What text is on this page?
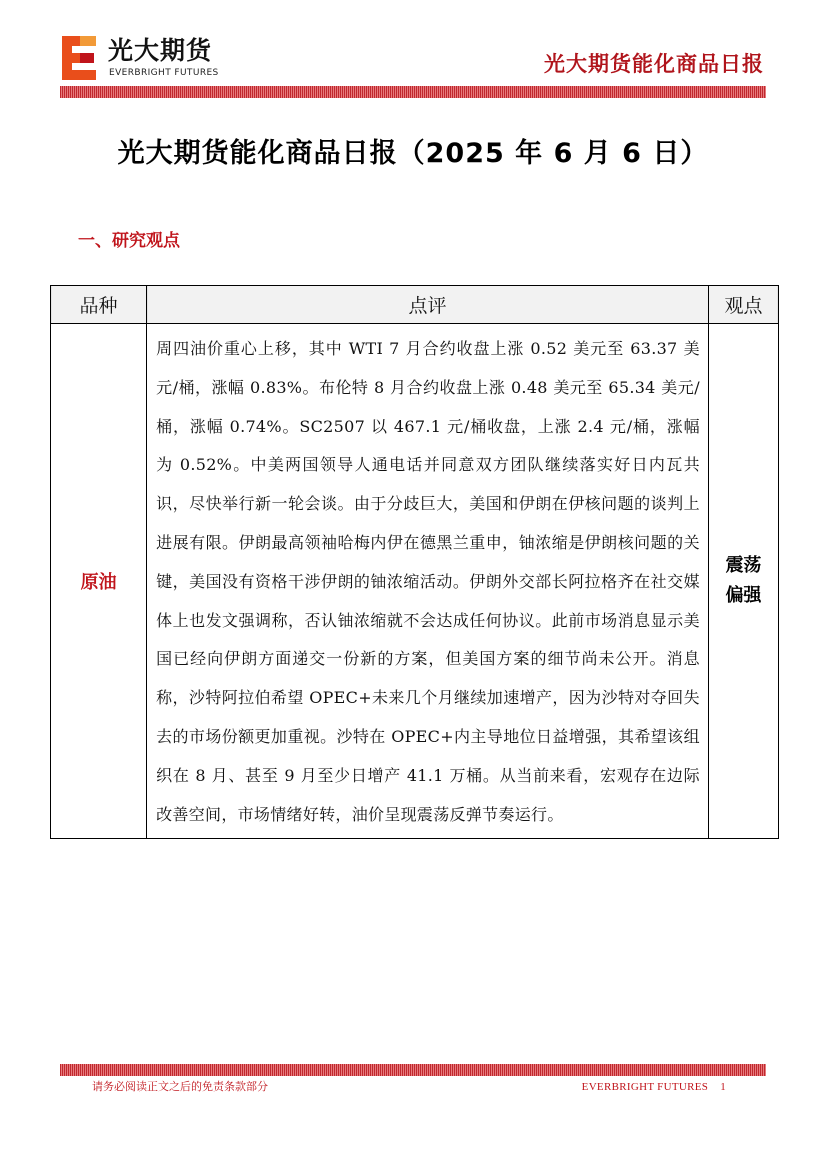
光大期货
EVERBRIGHT FUTURES	光大期货能化商品日报
光大期货能化商品日报（2025 年 6 月 6 日）
一、研究观点
品种	点评	观点
原油	周四油价重心上移，其中 WTI 7 月合约收盘上涨 0.52 美元至 63.37 美元/桶，涨幅 0.83%。布伦特 8 月合约收盘上涨 0.48 美元至 65.34 美元/桶，涨幅 0.74%。SC2507 以 467.1 元/桶收盘，上涨 2.4 元/桶，涨幅为 0.52%。中美两国领导人通电话并同意双方团队继续落实好日内瓦共识，尽快举行新一轮会谈。由于分歧巨大，美国和伊朗在伊核问题的谈判上进展有限。伊朗最高领袖哈梅内伊在德黑兰重申，铀浓缩是伊朗核问题的关键，美国没有资格干涉伊朗的铀浓缩活动。伊朗外交部长阿拉格齐在社交媒体上也发文强调称，否认铀浓缩就不会达成任何协议。此前市场消息显示美国已经向伊朗方面递交一份新的方案，但美国方案的细节尚未公开。消息称，沙特阿拉伯希望 OPEC+未来几个月继续加速增产，因为沙特对夺回失去的市场份额更加重视。沙特在 OPEC+内主导地位日益增强，其希望该组织在 8 月、甚至 9 月至少日增产 41.1 万桶。从当前来看，宏观存在边际改善空间，市场情绪好转，油价呈现震荡反弹节奏运行。	震荡
偏强
请务必阅读正文之后的免责条款部分	EVERBRIGHT FUTURES 1
